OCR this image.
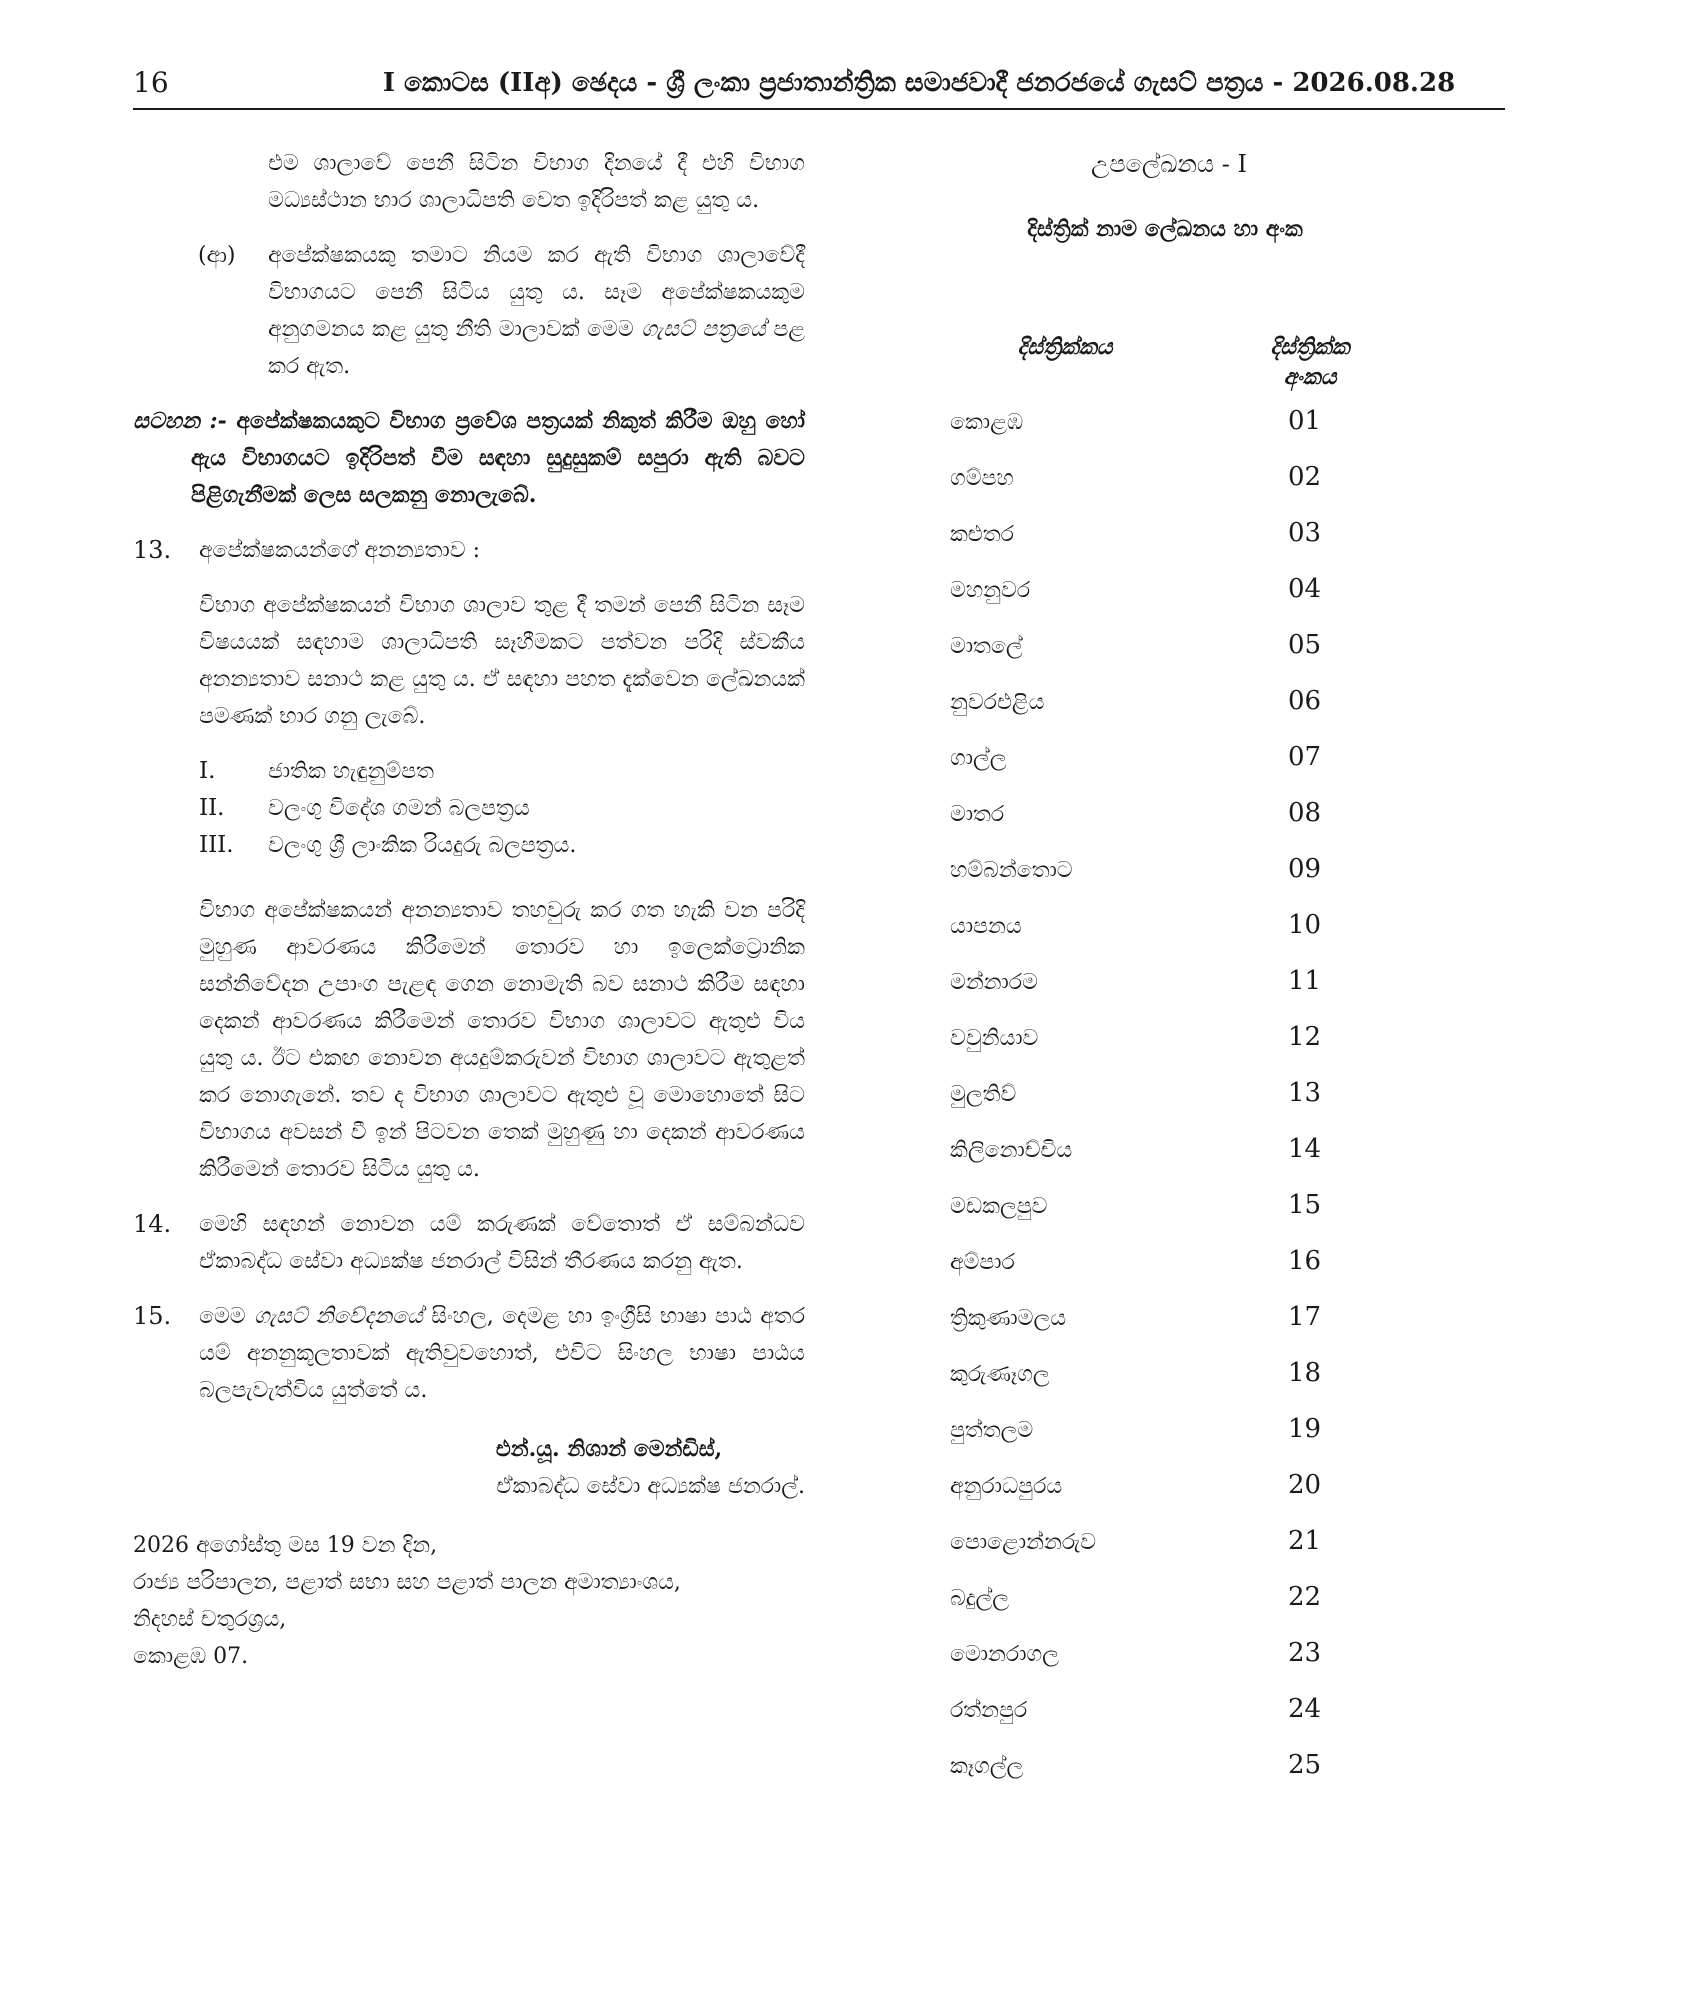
16	I කොටස (IIඅ) ඡෙදය - ශ්‍රී ලංකා ප්‍රජාතාන්ත්‍රික සමාජවාදී ජනරජයේ ගැසට් පත්‍රය - 2026.08.28

එම ශාලාවේ පෙනී සිටින විභාග දිනයේ දී එහි විභාග මධ්‍යස්ථාන භාර ශාලාධිපති වෙත ඉදිරිපත් කළ යුතු ය.

(ආ) අපේක්ෂකයකු තමාට නියම කර ඇති විභාග ශාලාවේදී විභාගයට පෙනී සිටිය යුතු ය. සෑම අපේක්ෂකයකුම අනුගමනය කළ යුතු නීති මාලාවක් මෙම ගැසට් පත්‍රයේ පළ කර ඇත.

සටහන :- අපේක්ෂකයකුට විභාග ප්‍රවේශ පත්‍රයක් නිකුත් කිරීම ඔහු හෝ ඇය විභාගයට ඉදිරිපත් වීම සඳහා සුදුසුකම් සපුරා ඇති බවට පිළිගැනීමක් ලෙස සලකනු නොලැබේ.

13. අපේක්ෂකයන්ගේ අනන්‍යතාව :

විභාග අපේක්ෂකයන් විභාග ශාලාව තුළ දී තමන් පෙනී සිටින සෑම විෂයයක් සඳහාම ශාලාධිපති සෑහීමකට පත්වන පරිදි ස්වකීය අනන්‍යතාව සනාථ කළ යුතු ය. ඒ සඳහා පහත දැක්වෙන ලේඛනයක් පමණක් භාර ගනු ලැබේ.

I. ජාතික හැඳුනුම්පත
II. වලංගු විදේශ ගමන් බලපත්‍රය
III. වලංගු ශ්‍රී ලාංකික රියදුරු බලපත්‍රය.

විභාග අපේක්ෂකයන් අනන්‍යතාව තහවුරු කර ගත හැකි වන පරිදි මුහුණ ආවරණය කිරීමෙන් තොරව හා ඉලෙක්ට්‍රොනික සන්නිවේදන උපාංග පැළඳ ගෙන නොමැති බව සනාථ කිරීම සඳහා දෙකන් ආවරණය කිරීමෙන් තොරව විභාග ශාලාවට ඇතුළු විය යුතු ය. ඊට එකඟ නොවන අයදුම්කරුවන් විභාග ශාලාවට ඇතුළත් කර නොගැනේ. තව ද විභාග ශාලාවට ඇතුළු වූ මොහොතේ සිට විභාගය අවසන් වී ඉන් පිටවන තෙක් මුහුණු හා දෙකන් ආවරණය කිරීමෙන් තොරව සිටිය යුතු ය.

14. මෙහි සඳහන් නොවන යම් කරුණක් වේතොත් ඒ සම්බන්ධව ඒකාබද්ධ සේවා අධ්‍යක්ෂ ජනරාල් විසින් තීරණය කරනු ඇත.

15. මෙම ගැසට් නිවේදනයේ සිංහල, දෙමළ හා ඉංග්‍රීසි භාෂා පාඨ අතර යම් අනනුකූලතාවක් ඇතිවුවහොත්, එවිට සිංහල භාෂා පාඨය බලපැවැත්විය යුත්තේ ය.

එන්.යූ. නිශාන් මෙන්ඩිස්,
ඒකාබද්ධ සේවා අධ්‍යක්ෂ ජනරාල්.
2026 අගෝස්තු මස 19 වන දින,
රාජ්‍ය පරිපාලන, පළාත් සභා සහ පළාත් පාලන අමාත්‍යාංශය,
නිදහස් චතුරශ්‍රය,
කොළඹ 07.
උපලේඛනය - I
දිස්ත්‍රික් නාම ලේඛනය හා අංක
දිස්ත්‍රික්කය	දිස්ත්‍රික්ක
අංකය
කොළඹ	01
ගම්පහ	02
කළුතර	03
මහනුවර	04
මාතලේ	05
නුවරඑළිය	06
ගාල්ල	07
මාතර	08
හම්බන්තොට	09
යාපනය	10
මන්නාරම	11
වවුනියාව	12
මුලතිව්	13
කිලිනොච්චිය	14
මඩකලපුව	15
අම්පාර	16
ත්‍රිකුණාමලය	17
කුරුණෑගල	18
පුත්තලම	19
අනුරාධපුරය	20
පොළොන්නරුව	21
බදුල්ල	22
මොනරාගල	23
රත්නපුර	24
කෑගල්ල	25
